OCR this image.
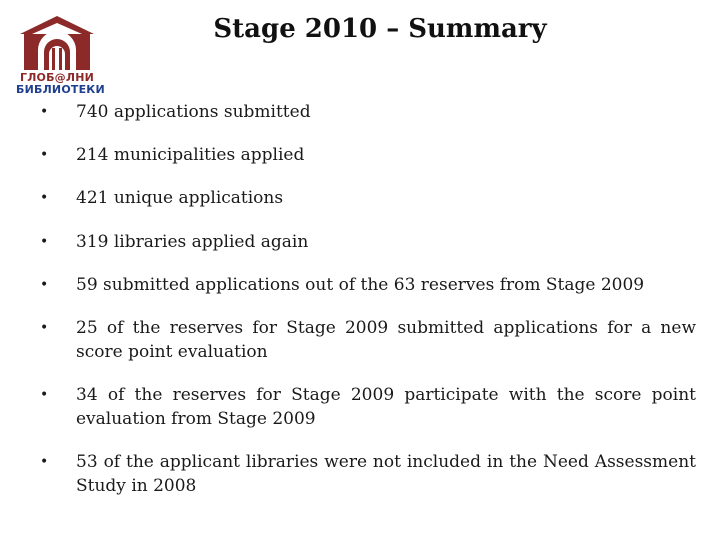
ГЛОБ@ЛНИ
БИБЛИОТЕКИ
Stage 2010 – Summary
• 740 applications submitted
• 214 municipalities applied
• 421 unique applications
• 319 libraries applied again
• 59 submitted applications out of the 63 reserves from Stage 2009
• 25 of the reserves for Stage 2009 submitted applications for a new score point evaluation
• 34 of the reserves for Stage 2009 participate with the score point evaluation from Stage 2009
• 53 of the applicant libraries were not included in the Need Assessment Study in 2008
